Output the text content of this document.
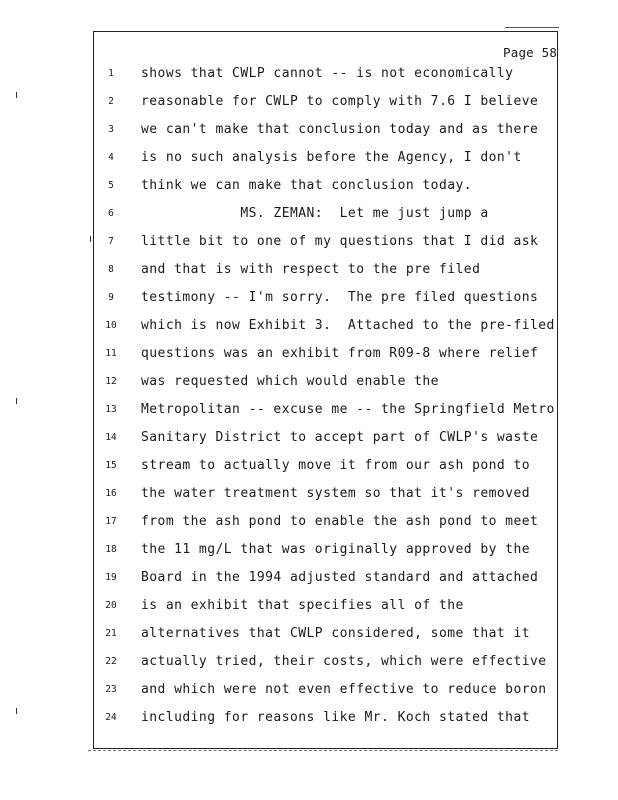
Page 58
1	shows that CWLP cannot -- is not economically
2	reasonable for CWLP to comply with 7.6 I believe
3	we can't make that conclusion today and as there
4	is no such analysis before the Agency, I don't
5	think we can make that conclusion today.
6	MS. ZEMAN:  Let me just jump a
7	little bit to one of my questions that I did ask
8	and that is with respect to the pre filed
9	testimony -- I'm sorry.  The pre filed questions
10 which is now Exhibit 3.  Attached to the pre-filed
11 questions was an exhibit from R09-8 where relief
12 was requested which would enable the
13 Metropolitan -- excuse me -- the Springfield Metro
14 Sanitary District to accept part of CWLP's waste
15 stream to actually move it from our ash pond to
16 the water treatment system so that it's removed
17 from the ash pond to enable the ash pond to meet
18 the 11 mg/L that was originally approved by the
19 Board in the 1994 adjusted standard and attached
20 is an exhibit that specifies all of the
21 alternatives that CWLP considered, some that it
22 actually tried, their costs, which were effective
23 and which were not even effective to reduce boron
24 including for reasons like Mr. Koch stated that
